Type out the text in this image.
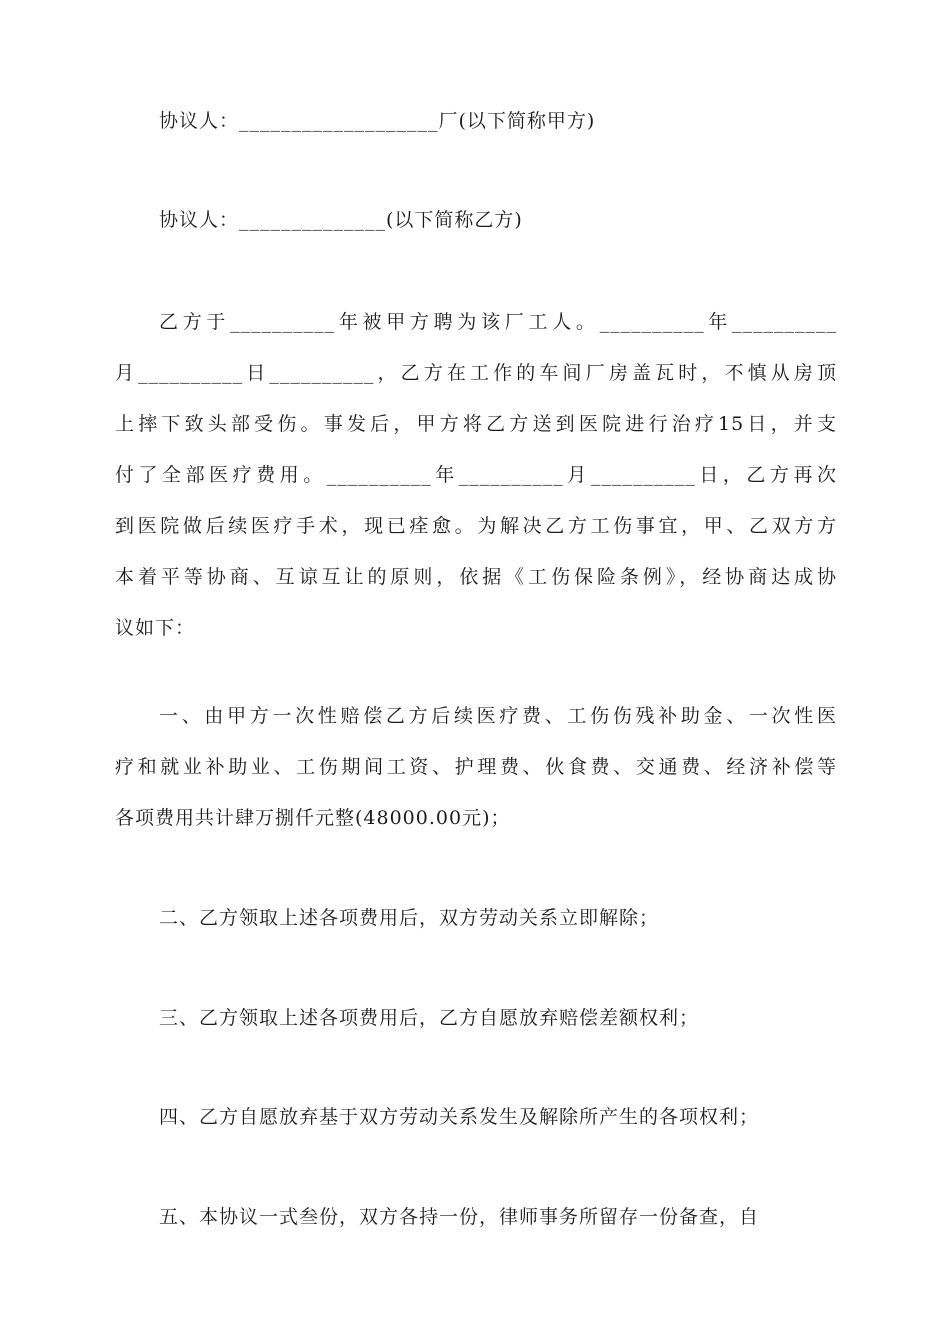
协议人：___________________厂(以下简称甲方)

协议人：______________(以下简称乙方)

乙方于__________年被甲方聘为该厂工人。__________年__________
月__________日__________，乙方在工作的车间厂房盖瓦时，不慎从房顶
上摔下致头部受伤。事发后，甲方将乙方送到医院进行治疗15日，并支
付了全部医疗费用。__________年__________月__________日，乙方再次
到医院做后续医疗手术，现已痊愈。为解决乙方工伤事宜，甲、乙双方方
本着平等协商、互谅互让的原则，依据《工伤保险条例》，经协商达成协
议如下：
一、由甲方一次性赔偿乙方后续医疗费、工伤伤残补助金、一次性医
疗和就业补助业、工伤期间工资、护理费、伙食费、交通费、经济补偿等
各项费用共计肆万捌仟元整(48000.00元)；

二、乙方领取上述各项费用后，双方劳动关系立即解除；

三、乙方领取上述各项费用后，乙方自愿放弃赔偿差额权利；

四、乙方自愿放弃基于双方劳动关系发生及解除所产生的各项权利；

五、本协议一式叁份，双方各持一份，律师事务所留存一份备查，自
